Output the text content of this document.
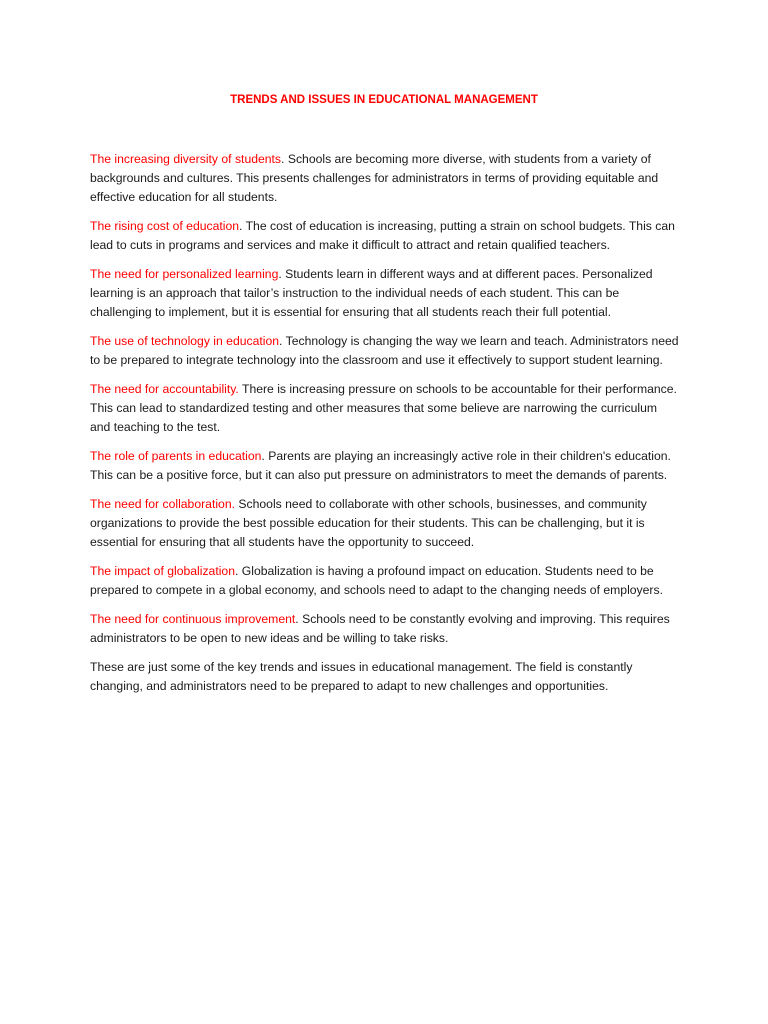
TRENDS AND ISSUES IN EDUCATIONAL MANAGEMENT

The increasing diversity of students. Schools are becoming more diverse, with students from a variety of backgrounds and cultures. This presents challenges for administrators in terms of providing equitable and effective education for all students.

The rising cost of education. The cost of education is increasing, putting a strain on school budgets. This can lead to cuts in programs and services and make it difficult to attract and retain qualified teachers.

The need for personalized learning. Students learn in different ways and at different paces. Personalized learning is an approach that tailor’s instruction to the individual needs of each student. This can be challenging to implement, but it is essential for ensuring that all students reach their full potential.

The use of technology in education. Technology is changing the way we learn and teach. Administrators need to be prepared to integrate technology into the classroom and use it effectively to support student learning.

The need for accountability. There is increasing pressure on schools to be accountable for their performance. This can lead to standardized testing and other measures that some believe are narrowing the curriculum and teaching to the test.

The role of parents in education. Parents are playing an increasingly active role in their children's education. This can be a positive force, but it can also put pressure on administrators to meet the demands of parents.

The need for collaboration. Schools need to collaborate with other schools, businesses, and community organizations to provide the best possible education for their students. This can be challenging, but it is essential for ensuring that all students have the opportunity to succeed.

The impact of globalization. Globalization is having a profound impact on education. Students need to be prepared to compete in a global economy, and schools need to adapt to the changing needs of employers.

The need for continuous improvement. Schools need to be constantly evolving and improving. This requires administrators to be open to new ideas and be willing to take risks.

These are just some of the key trends and issues in educational management. The field is constantly changing, and administrators need to be prepared to adapt to new challenges and opportunities.
